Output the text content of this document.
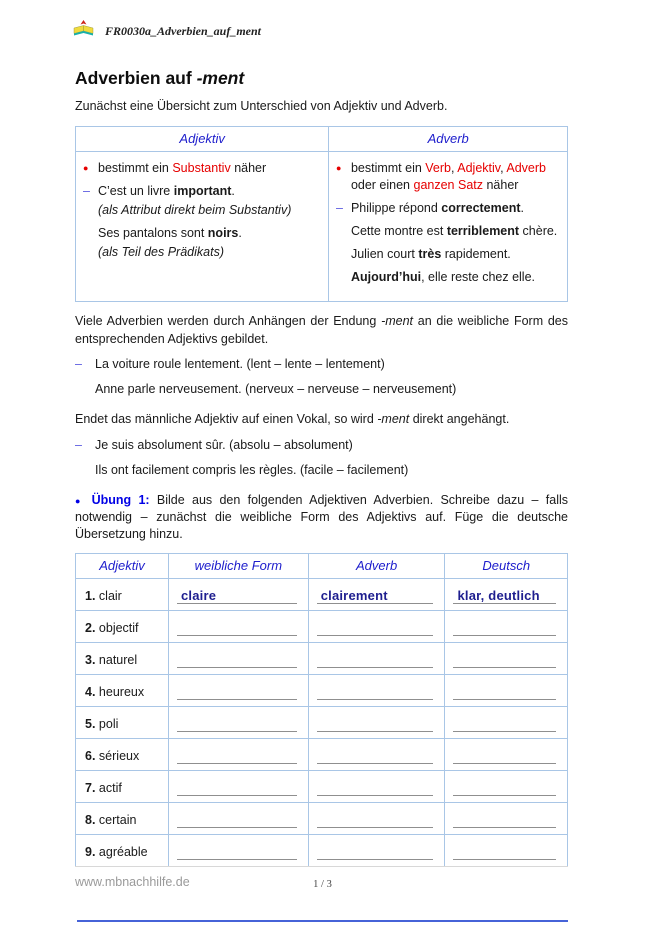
FR0030a_Adverbien_auf_ment
Adverbien auf -ment
Zunächst eine Übersicht zum Unterschied von Adjektiv und Adverb.
Adjektiv	Adverb
● bestimmt ein Substantiv näher
– C’est un livre important.
(als Attribut direkt beim Substantiv)
Ses pantalons sont noirs.
(als Teil des Prädikats)
● bestimmt ein Verb, Adjektiv, Adverb oder einen ganzen Satz näher
– Philippe répond correctement.
Cette montre est terriblement chère.
Julien court très rapidement.
Aujourd’hui, elle reste chez elle.
Viele Adverbien werden durch Anhängen der Endung -ment an die weibliche Form des entsprechenden Adjektivs gebildet.
–	La voiture roule lentement. (lent – lente – lentement)
Anne parle nerveusement. (nerveux – nerveuse – nerveusement)
Endet das männliche Adjektiv auf einen Vokal, so wird -ment direkt angehängt.
–	Je suis absolument sûr. (absolu – absolument)
Ils ont facilement compris les règles. (facile – facilement)
● Übung 1: Bilde aus den folgenden Adjektiven Adverbien. Schreibe dazu – falls notwendig – zunächst die weibliche Form des Adjektivs auf. Füge die deutsche Übersetzung hinzu.
Adjektiv	weibliche Form	Adverb	Deutsch
1. clair	claire	clairement	klar, deutlich

2. objectif	

3. naturel	

4. heureux	

5. poli	

6. sérieux	

7. actif	

8. certain	

9. agréable	

www.mbnachhilfe.de	1 / 3
